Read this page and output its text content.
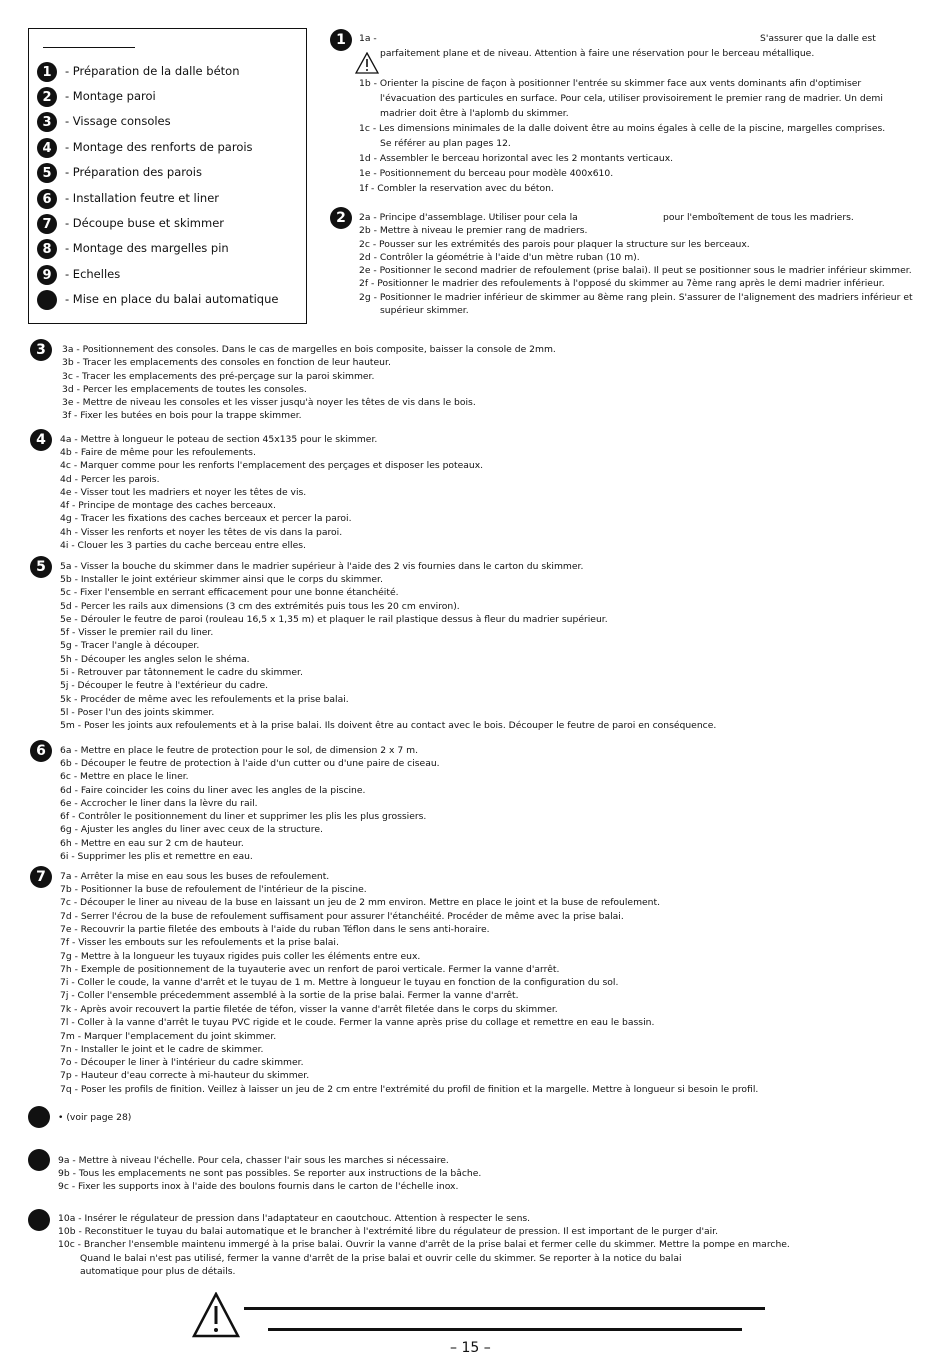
1	- Préparation de la dalle béton
2	- Montage paroi
3	- Vissage consoles
4	- Montage des renforts de parois
5	- Préparation des parois
6	- Installation feutre et liner
7	- Découpe buse et skimmer
8	- Montage des margelles pin
9	- Echelles
- Mise en place du balai automatique
1	1a -	S'assurer que la dalle est
parfaitement plane et de niveau. Attention à faire une réservation pour le berceau métallique.
1b - Orienter la piscine de façon à positionner l'entrée su skimmer face aux vents dominants afin d'optimiser
l'évacuation des particules en surface. Pour cela, utiliser provisoirement le premier rang de madrier. Un demi
madrier doit être à l'aplomb du skimmer.
1c - Les dimensions minimales de la dalle doivent être au moins égales à celle de la piscine, margelles comprises.
Se référer au plan pages 12.
1d - Assembler le berceau horizontal avec les 2 montants verticaux.
1e - Positionnement du berceau pour modèle 400x610.
1f - Combler la reservation avec du béton.
2	2a - Principe d'assemblage. Utiliser pour cela la	pour l'emboîtement de tous les madriers.
2b - Mettre à niveau le premier rang de madriers.
2c - Pousser sur les extrémités des parois pour plaquer la structure sur les berceaux.
2d - Contrôler la géométrie à l'aide d'un mètre ruban (10 m).
2e - Positionner le second madrier de refoulement (prise balai). Il peut se positionner sous le madrier inférieur skimmer.
2f - Positionner le madrier des refoulements à l'opposé du skimmer au 7ème rang après le demi madrier inférieur.
2g - Positionner le madrier inférieur de skimmer au 8ème rang plein. S'assurer de l'alignement des madriers inférieur et
supérieur skimmer.
3	3a - Positionnement des consoles. Dans le cas de margelles en bois composite, baisser la console de 2mm.
3b - Tracer les emplacements des consoles en fonction de leur hauteur.
3c - Tracer les emplacements des pré-perçage sur la paroi skimmer.
3d - Percer les emplacements de toutes les consoles.
3e - Mettre de niveau les consoles et les visser jusqu'à noyer les têtes de vis dans le bois.
3f - Fixer les butées en bois pour la trappe skimmer.
4	4a - Mettre à longueur le poteau de section 45x135 pour le skimmer.
4b - Faire de même pour les refoulements.
4c - Marquer comme pour les renforts l'emplacement des perçages et disposer les poteaux.
4d - Percer les parois.
4e - Visser tout les madriers et noyer les têtes de vis.
4f - Principe de montage des caches berceaux.
4g - Tracer les fixations des caches berceaux et percer la paroi.
4h - Visser les renforts et noyer les têtes de vis dans la paroi.
4i - Clouer les 3 parties du cache berceau entre elles.
5	5a - Visser la bouche du skimmer dans le madrier supérieur à l'aide des 2 vis fournies dans le carton du skimmer.
5b - Installer le joint extérieur skimmer ainsi que le corps du skimmer.
5c - Fixer l'ensemble en serrant efficacement pour une bonne étanchéité.
5d - Percer les rails aux dimensions (3 cm des extrémités puis tous les 20 cm environ).
5e - Dérouler le feutre de paroi (rouleau 16,5 x 1,35 m) et plaquer le rail plastique dessus à fleur du madrier supérieur.
5f - Visser le premier rail du liner.
5g - Tracer l'angle à découper.
5h - Découper les angles selon le shéma.
5i - Retrouver par tâtonnement le cadre du skimmer.
5j - Découper le feutre à l'extérieur du cadre.
5k - Procéder de même avec les refoulements et la prise balai.
5l - Poser l'un des joints skimmer.
5m - Poser les joints aux refoulements et à la prise balai. Ils doivent être au contact avec le bois. Découper le feutre de paroi en conséquence.
6	6a - Mettre en place le feutre de protection pour le sol, de dimension 2 x 7 m.
6b - Découper le feutre de protection à l'aide d'un cutter ou d'une paire de ciseau.
6c - Mettre en place le liner.
6d - Faire coincider les coins du liner avec les angles de la piscine.
6e - Accrocher le liner dans la lèvre du rail.
6f - Contrôler le positionnement du liner et supprimer les plis les plus grossiers.
6g - Ajuster les angles du liner avec ceux de la structure.
6h - Mettre en eau sur 2 cm de hauteur.
6i - Supprimer les plis et remettre en eau.
7	7a - Arrêter la mise en eau sous les buses de refoulement.
7b - Positionner la buse de refoulement de l'intérieur de la piscine.
7c - Découper le liner au niveau de la buse en laissant un jeu de 2 mm environ. Mettre en place le joint et la buse de refoulement.
7d - Serrer l'écrou de la buse de refoulement suffisament pour assurer l'étanchéité. Procéder de même avec la prise balai.
7e - Recouvrir la partie filetée des embouts à l'aide du ruban Téflon dans le sens anti-horaire.
7f - Visser les embouts sur les refoulements et la prise balai.
7g - Mettre à la longueur les tuyaux rigides puis coller les éléments entre eux.
7h - Exemple de positionnement de la tuyauterie avec un renfort de paroi verticale. Fermer la vanne d'arrêt.
7i - Coller le coude, la vanne d'arrêt et le tuyau de 1 m. Mettre à longueur le tuyau en fonction de la configuration du sol.
7j - Coller l'ensemble précedemment assemblé à la sortie de la prise balai. Fermer la vanne d'arrêt.
7k - Après avoir recouvert la partie filetée de téfon, visser la vanne d'arrêt filetée dans le corps du skimmer.
7l - Coller à la vanne d'arrêt le tuyau PVC rigide et le coude. Fermer la vanne après prise du collage et remettre en eau le bassin.
7m - Marquer l'emplacement du joint skimmer.
7n - Installer le joint et le cadre de skimmer.
7o - Découper le liner à l'intérieur du cadre skimmer.
7p - Hauteur d'eau correcte à mi-hauteur du skimmer.
7q - Poser les profils de finition. Veillez à laisser un jeu de 2 cm entre l'extrémité du profil de finition et la margelle. Mettre à longueur si besoin le profil.
• (voir page 28)
9a - Mettre à niveau l'échelle. Pour cela, chasser l'air sous les marches si nécessaire.
9b - Tous les emplacements ne sont pas possibles. Se reporter aux instructions de la bâche.
9c - Fixer les supports inox à l'aide des boulons fournis dans le carton de l'échelle inox.
10a - Insérer le régulateur de pression dans l'adaptateur en caoutchouc. Attention à respecter le sens.
10b - Reconstituer le tuyau du balai automatique et le brancher à l'extrémité libre du régulateur de pression. Il est important de le purger d'air.
10c - Brancher l'ensemble maintenu immergé à la prise balai. Ouvrir la vanne d'arrêt de la prise balai et fermer celle du skimmer. Mettre la pompe en marche.
Quand le balai n'est pas utilisé, fermer la vanne d'arrêt de la prise balai et ouvrir celle du skimmer. Se reporter à la notice du balai
automatique pour plus de détails.
– 15 –
